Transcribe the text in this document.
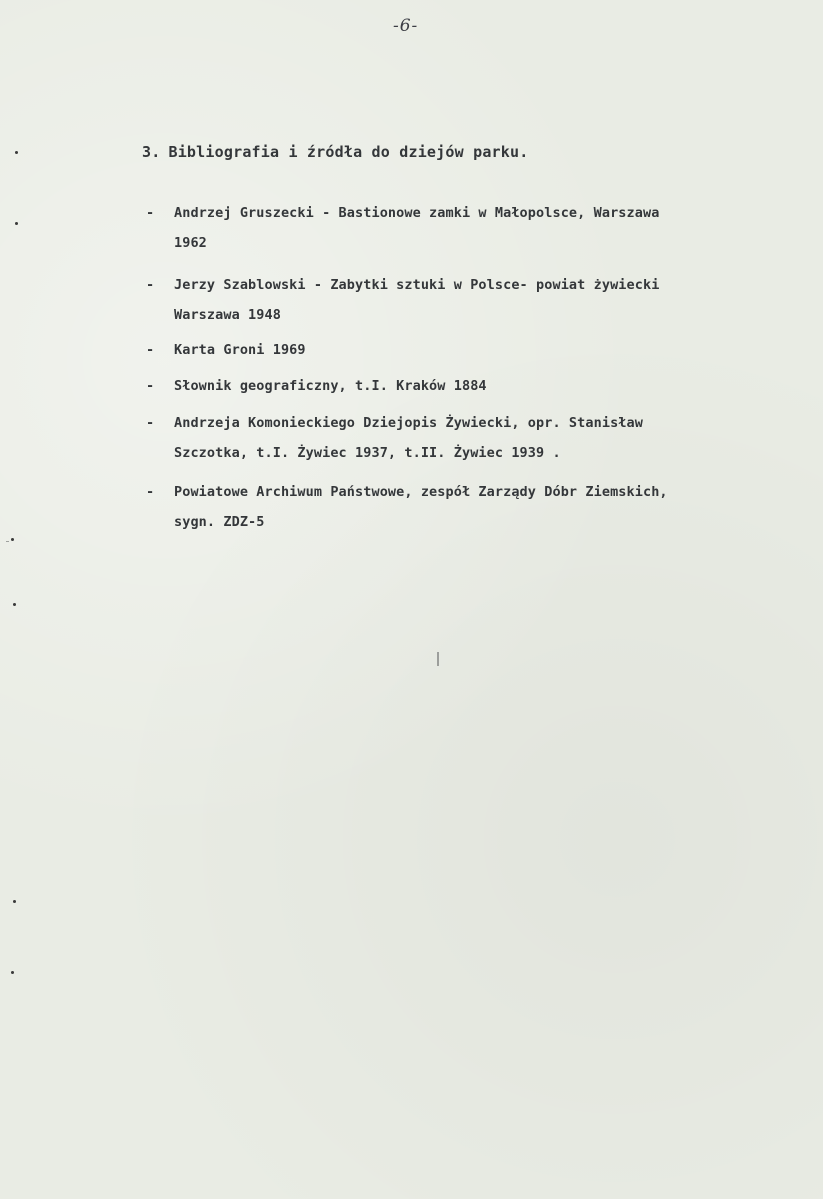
-6-
3. Bibliografia i źródła do dziejów parku.
- Andrzej Gruszecki - Bastionowe zamki w Małopolsce, Warszawa
1962
- Jerzy Szablowski - Zabytki sztuki w Polsce- powiat żywiecki
Warszawa 1948
- Karta Groni 1969
- Słownik geograficzny, t.I. Kraków 1884
- Andrzeja Komonieckiego Dziejopis Żywiecki, opr. Stanisław
Szczotka, t.I. Żywiec 1937, t.II. Żywiec 1939 .
- Powiatowe Archiwum Państwowe, zespół Zarządy Dóbr Ziemskich,
sygn. ZDZ-5
